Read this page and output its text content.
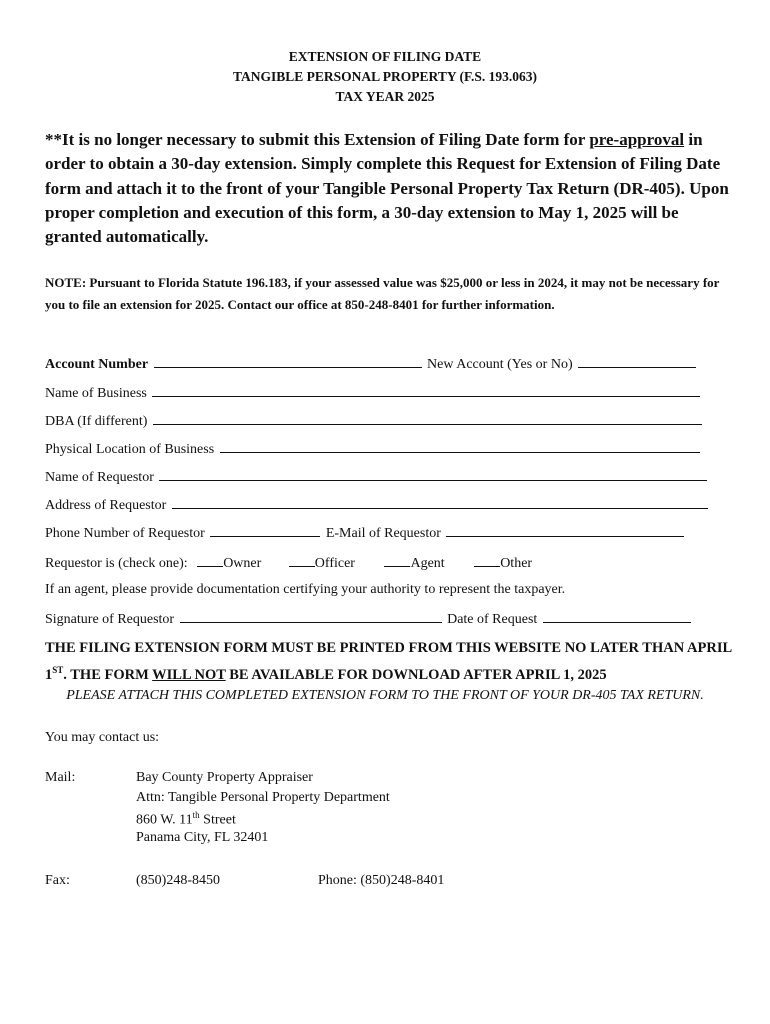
EXTENSION OF FILING DATE
TANGIBLE PERSONAL PROPERTY (F.S. 193.063)
TAX YEAR 2025
**It is no longer necessary to submit this Extension of Filing Date form for pre-approval in order to obtain a 30-day extension. Simply complete this Request for Extension of Filing Date form and attach it to the front of your Tangible Personal Property Tax Return (DR-405). Upon proper completion and execution of this form, a 30-day extension to May 1, 2025 will be granted automatically.
NOTE: Pursuant to Florida Statute 196.183, if your assessed value was $25,000 or less in 2024, it may not be necessary for you to file an extension for 2025. Contact our office at 850-248-8401 for further information.
Account Number	New Account (Yes or No)
Name of Business
DBA (If different)
Physical Location of Business
Name of Requestor
Address of Requestor
Phone Number of Requestor	E-Mail of Requestor
Requestor is (check one):	Owner	Officer	Agent	Other
If an agent, please provide documentation certifying your authority to represent the taxpayer.
Signature of Requestor	Date of Request
THE FILING EXTENSION FORM MUST BE PRINTED FROM THIS WEBSITE NO LATER THAN APRIL 1ST. THE FORM WILL NOT BE AVAILABLE FOR DOWNLOAD AFTER APRIL 1, 2025
PLEASE ATTACH THIS COMPLETED EXTENSION FORM TO THE FRONT OF YOUR DR-405 TAX RETURN.
You may contact us:
Mail:	Bay County Property Appraiser
Attn: Tangible Personal Property Department
860 W. 11th Street
Panama City, FL 32401
Fax:	(850)248-8450	Phone: (850)248-8401
